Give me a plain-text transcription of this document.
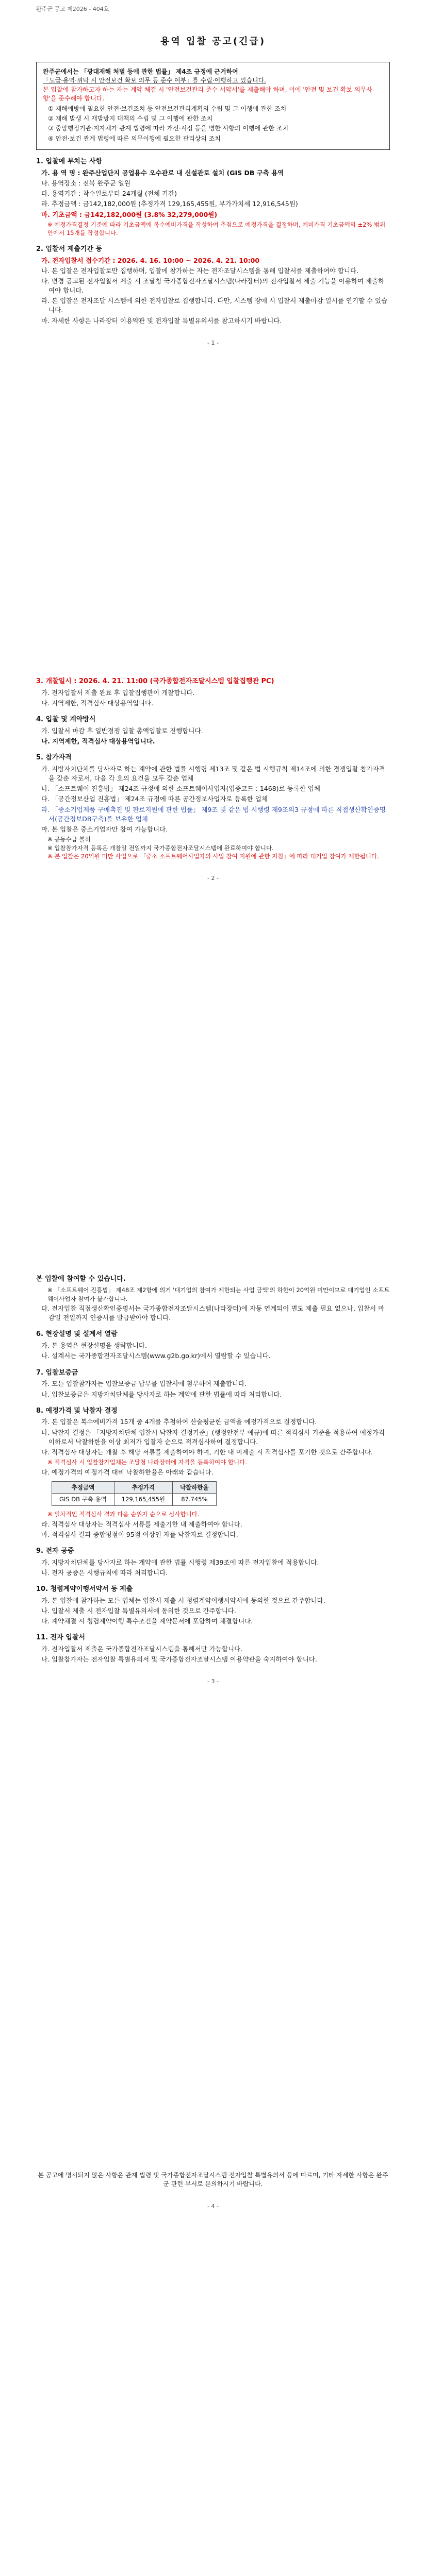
완주군 공고 제2026 - 404호
용역 입찰 공고(긴급)
완주군에서는 「광대재해 처벌 등에 관한 법률」 제4조 규정에 근거하여
「도급·용역·위탁 시 안전보건 확보 의무 등 준수 여부」를 수립·이행하고 있습니다.
본 입찰에 참가하고자 하는 자는 계약 체결 시 '안전보건관리 준수 서약서'를 제출해야 하며, 이에 '안전 및 보건 확보 의무사항'을 준수해야 합니다.
① 재해예방에 필요한 안전·보건조치 등 안전보건관리계획의 수립 및 그 이행에 관한 조치
② 재해 발생 시 재발방지 대책의 수립 및 그 이행에 관한 조치
③ 중앙행정기관·지자체가 관계 법령에 따라 개선·시정 등을 명한 사항의 이행에 관한 조치
④ 안전·보건 관계 법령에 따른 의무이행에 필요한 관리상의 조치
1. 입찰에 부치는 사항
가. 용 역 명 : 완주산업단지 공업용수 오수관로 내 신설관로 설치 (GIS DB 구축 용역
나. 용역장소 : 전북 완주군 일원
다. 용역기간 : 착수일로부터 24개월 (전체 기간)
라. 추정금액 : 금142,182,000원 (추정가격 129,165,455원, 부가가치세 12,916,545원)
마. 기초금액 : 금142,182,000원 (3.8% 32,279,000원)
※ 예정가격결정 기준에 따라 기초금액에 복수예비가격을 작성하여 추첨으로 예정가격을 결정하며, 예비가격 기초금액의 ±2% 범위 안에서 15개를 작성합니다.
2. 입찰서 제출기간 등
가. 전자입찰서 접수기간 : 2026. 4. 16. 10:00 ~ 2026. 4. 21. 10:00
나. 본 입찰은 전자입찰로만 집행하며, 입찰에 참가하는 자는 전자조달시스템을 통해 입찰서를 제출하여야 합니다.
다. 변경 공고된 전자입찰서 제출 시 조달청 국가종합전자조달시스템(나라장터)의 전자입찰서 제출 기능을 이용하여 제출하여야 합니다.
라. 본 입찰은 전자조달 시스템에 의한 전자입찰로 집행합니다. 다만, 시스템 장애 시 입찰서 제출마감 일시를 연기할 수 있습니다.
마. 자세한 사항은 나라장터 이용약관 및 전자입찰 특별유의서를 참고하시기 바랍니다.
- 1 -
3. 개찰일시 : 2026. 4. 21. 11:00 (국가종합전자조달시스템 입찰집행관 PC)
가. 전자입찰서 제출 완료 후 입찰집행관이 개찰합니다.
나. 지역제한, 적격심사 대상용역입니다.
4. 입찰 및 계약방식
가. 입찰서 마감 후 일반경쟁 입찰 총액입찰로 진행합니다.
나. 지역제한, 적격심사 대상용역입니다.
5. 참가자격
가. 지방자치단체를 당사자로 하는 계약에 관한 법률 시행령 제13조 및 같은 법 시행규칙 제14조에 의한 경쟁입찰 참가자격을 갖춘 자로서, 다음 각 호의 요건을 모두 갖춘 업체
나. 「소프트웨어 진흥법」 제24조 규정에 의한 소프트웨어사업자(업종코드 : 1468)로 등록한 업체
다. 「공간정보산업 진흥법」 제24조 규정에 따른 공간정보사업자로 등록한 업체
라. 「중소기업제품 구매촉진 및 판로지원에 관한 법률」 제9조 및 같은 법 시행령 제9조의3 규정에 따른 직접생산확인증명서(공간정보DB구축)를 보유한 업체
마. 본 입찰은 중소기업자만 참여 가능합니다.
※ 공동수급 불허
※ 입찰참가자격 등록은 개찰일 전일까지 국가종합전자조달시스템에 완료하여야 합니다.
※ 본 입찰은 20억원 미만 사업으로 「중소 소프트웨어사업자의 사업 참여 지원에 관한 지침」에 따라 대기업 참여가 제한됩니다.
- 2 -
본 입찰에 참여할 수 있습니다.
※ 「소프트웨어 진흥법」 제48조 제2항에 의거 '대기업의 참여가 제한되는 사업 금액'의 하한이 20억원 미만이므로 대기업인 소프트웨어사업자 참여가 불가합니다.
다. 전자입찰 직접생산확인증명서는 국가종합전자조달시스템(나라장터)에 자동 연계되어 별도 제출 필요 없으나, 입찰서 마감일 전일까지 인증서를 발급받아야 합니다.
6. 현장설명 및 설계서 열람
가. 본 용역은 현장설명을 생략합니다.
나. 설계서는 국가종합전자조달시스템(www.g2b.go.kr)에서 열람할 수 있습니다.
7. 입찰보증금
가. 모든 입찰참가자는 입찰보증금 납부를 입찰서에 첨부하여 제출합니다.
나. 입찰보증금은 지방자치단체를 당사자로 하는 계약에 관한 법률에 따라 처리합니다.
8. 예정가격 및 낙찰자 결정
가. 본 입찰은 복수예비가격 15개 중 4개를 추첨하여 산술평균한 금액을 예정가격으로 결정합니다.
나. 낙찰자 결정은 「지방자치단체 입찰시 낙찰자 결정기준」(행정안전부 예규)에 따른 적격심사 기준을 적용하여 예정가격 이하로서 낙찰하한율 이상 최저가 입찰자 순으로 적격심사하여 결정합니다.
다. 적격심사 대상자는 개찰 후 해당 서류를 제출하여야 하며, 기한 내 미제출 시 적격심사를 포기한 것으로 간주합니다.
※ 적격심사 시 입찰참가업체는 조달청 나라장터에 자격을 등록하여야 합니다.
다. 예정가격의 예정가격 대비 낙찰하한율은 아래와 같습니다.
추정금액	추정가격	낙찰하한율
GIS DB 구축 용역	129,165,455원	87.745%
※ 일차적인 적격심사 결과 다음 순위자 순으로 심사합니다.
라. 적격심사 대상자는 적격심사 서류를 제출기한 내 제출하여야 합니다.
마. 적격심사 결과 종합평점이 95점 이상인 자를 낙찰자로 결정합니다.
9. 전자 공증
가. 지방자치단체를 당사자로 하는 계약에 관한 법률 시행령 제39조에 따른 전자입찰에 적용합니다.
나. 전자 공증은 시행규칙에 따라 처리합니다.
10. 청렴계약이행서약서 등 제출
가. 본 입찰에 참가하는 모든 업체는 입찰서 제출 시 청렴계약이행서약서에 동의한 것으로 간주합니다.
나. 입찰서 제출 시 전자입찰 특별유의서에 동의한 것으로 간주합니다.
다. 계약체결 시 청렴계약이행 특수조건을 계약문서에 포함하여 체결합니다.
11. 전자 입찰서
가. 전자입찰서 제출은 국가종합전자조달시스템을 통해서만 가능합니다.
나. 입찰참가자는 전자입찰 특별유의서 및 국가종합전자조달시스템 이용약관을 숙지하여야 합니다.
- 3 -
본 공고에 명시되지 않은 사항은 관계 법령 및 국가종합전자조달시스템 전자입찰 특별유의서 등에 따르며, 기타 자세한 사항은 완주군 관련 부서로 문의하시기 바랍니다.
- 4 -
